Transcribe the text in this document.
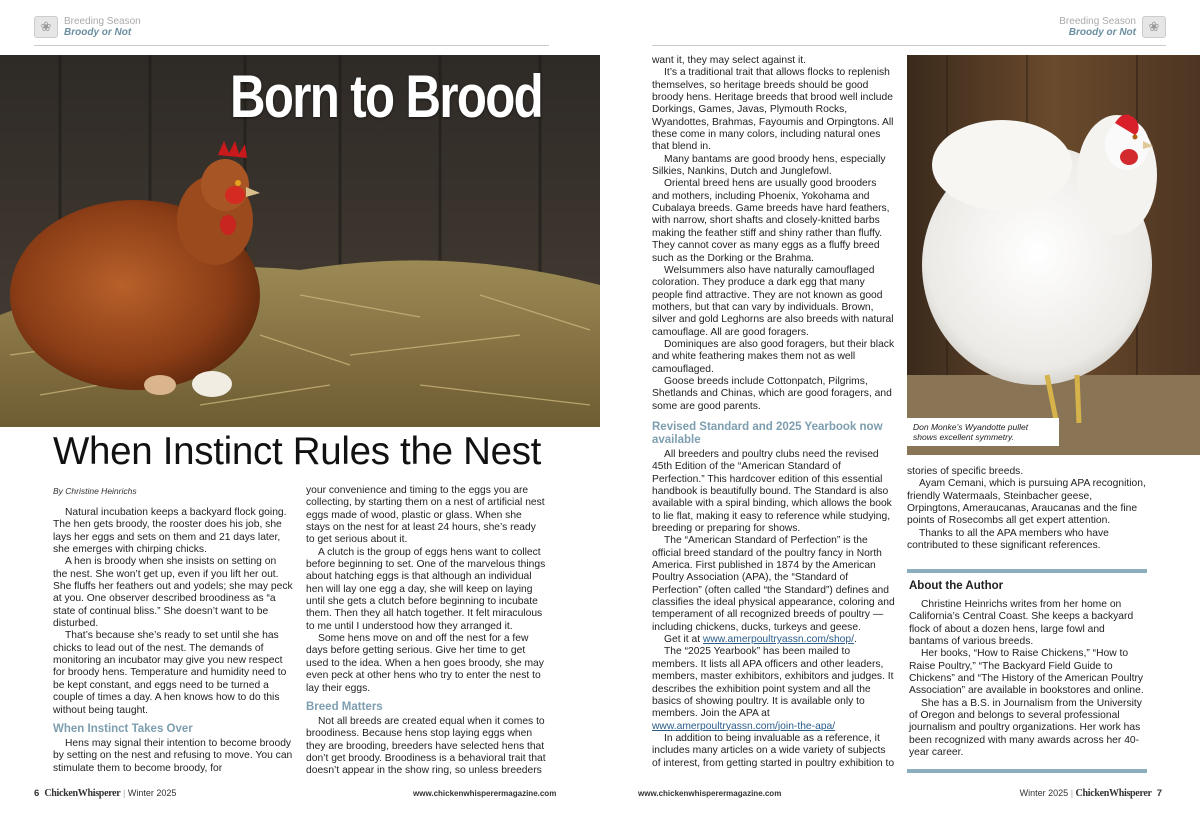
❀	Breeding Season
Broody or Not
Breeding Season
Broody or Not ❀
Born to Brood
When Instinct Rules the Nest
By Christine Heinrichs

Natural incubation keeps a backyard flock going. The hen gets broody, the rooster does his job, she lays her eggs and sets on them and 21 days later, she emerges with chirping chicks.

A hen is broody when she insists on setting on the nest. She won’t get up, even if you lift her out. She fluffs her feathers out and yodels; she may peck at you. One observer described broodiness as “a state of continual bliss.” She doesn’t want to be disturbed.

That’s because she’s ready to set until she has chicks to lead out of the nest. The demands of monitoring an incubator may give you new respect for broody hens. Temperature and humidity need to be kept constant, and eggs need to be turned a couple of times a day. A hen knows how to do this without being taught.

When Instinct Takes Over

Hens may signal their intention to become broody by setting on the nest and refusing to move. You can stimulate them to become broody, for

your convenience and timing to the eggs you are collecting, by starting them on a nest of artificial nest eggs made of wood, plastic or glass. When she stays on the nest for at least 24 hours, she’s ready to get serious about it.

A clutch is the group of eggs hens want to collect before beginning to set. One of the marvelous things about hatching eggs is that although an individual hen will lay one egg a day, she will keep on laying until she gets a clutch before beginning to incubate them. Then they all hatch together. It felt miraculous to me until I understood how they arranged it.

Some hens move on and off the nest for a few days before getting serious. Give her time to get used to the idea. When a hen goes broody, she may even peck at other hens who try to enter the nest to lay their eggs.

Breed Matters

Not all breeds are created equal when it comes to broodiness. Because hens stop laying eggs when they are brooding, breeders have selected hens that don’t get broody. Broodiness is a behavioral trait that doesn’t appear in the show ring, so unless breeders

want it, they may select against it.

It’s a traditional trait that allows flocks to replenish themselves, so heritage breeds should be good broody hens. Heritage breeds that brood well include Dorkings, Games, Javas, Plymouth Rocks, Wyandottes, Brahmas, Fayoumis and Orpingtons. All these come in many colors, including natural ones that blend in.

Many bantams are good broody hens, especially Silkies, Nankins, Dutch and Junglefowl.

Oriental breed hens are usually good brooders and mothers, including Phoenix, Yokohama and Cubalaya breeds. Game breeds have hard feathers, with narrow, short shafts and closely-knitted barbs making the feather stiff and shiny rather than fluffy. They cannot cover as many eggs as a fluffy breed such as the Dorking or the Brahma.

Welsummers also have naturally camouflaged coloration. They produce a dark egg that many people find attractive. They are not known as good mothers, but that can vary by individuals. Brown, silver and gold Leghorns are also breeds with natural camouflage. All are good foragers.

Dominiques are also good foragers, but their black and white feathering makes them not as well camouflaged.

Goose breeds include Cottonpatch, Pilgrims, Shetlands and Chinas, which are good foragers, and some are good parents.

Revised Standard and 2025 Yearbook now available

All breeders and poultry clubs need the revised 45th Edition of the “American Standard of Perfection.” This hardcover edition of this essential handbook is beautifully bound. The Standard is also available with a spiral binding, which allows the book to lie flat, making it easy to reference while studying, breeding or preparing for shows.

The “American Standard of Perfection” is the official breed standard of the poultry fancy in North America. First published in 1874 by the American Poultry Association (APA), the “Standard of Perfection” (often called “the Standard”) defines and classifies the ideal physical appearance, coloring and temperament of all recognized breeds of poultry — including chickens, ducks, turkeys and geese.

Get it at www.amerpoultryassn.com/shop/.

The “2025 Yearbook” has been mailed to members. It lists all APA officers and other leaders, members, master exhibitors, exhibitors and judges. It describes the exhibition point system and all the basics of showing poultry. It is available only to members. Join the APA at www.amerpoultryassn.com/join-the-apa/

In addition to being invaluable as a reference, it includes many articles on a wide variety of subjects of interest, from getting started in poultry exhibition to

Don Monke’s Wyandotte pullet shows excellent symmetry.

stories of specific breeds.

Ayam Cemani, which is pursuing APA recognition, friendly Watermaals, Steinbacher geese, Orpingtons, Ameraucanas, Araucanas and the fine points of Rosecombs all get expert attention.

Thanks to all the APA members who have contributed to these significant references.

About the Author

Christine Heinrichs writes from her home on California’s Central Coast. She keeps a backyard flock of about a dozen hens, large fowl and bantams of various breeds.

Her books, “How to Raise Chickens,” “How to Raise Poultry,” “The Backyard Field Guide to Chickens” and “The History of the American Poultry Association” are available in bookstores and online.

She has a B.S. in Journalism from the University of Oregon and belongs to several professional journalism and poultry organizations. Her work has been recognized with many awards across her 40-year career.

6 ChickenWhisperer | Winter 2025	www.chickenwhisperermagazine.com	www.chickenwhisperermagazine.com	Winter 2025 | ChickenWhisperer 7
